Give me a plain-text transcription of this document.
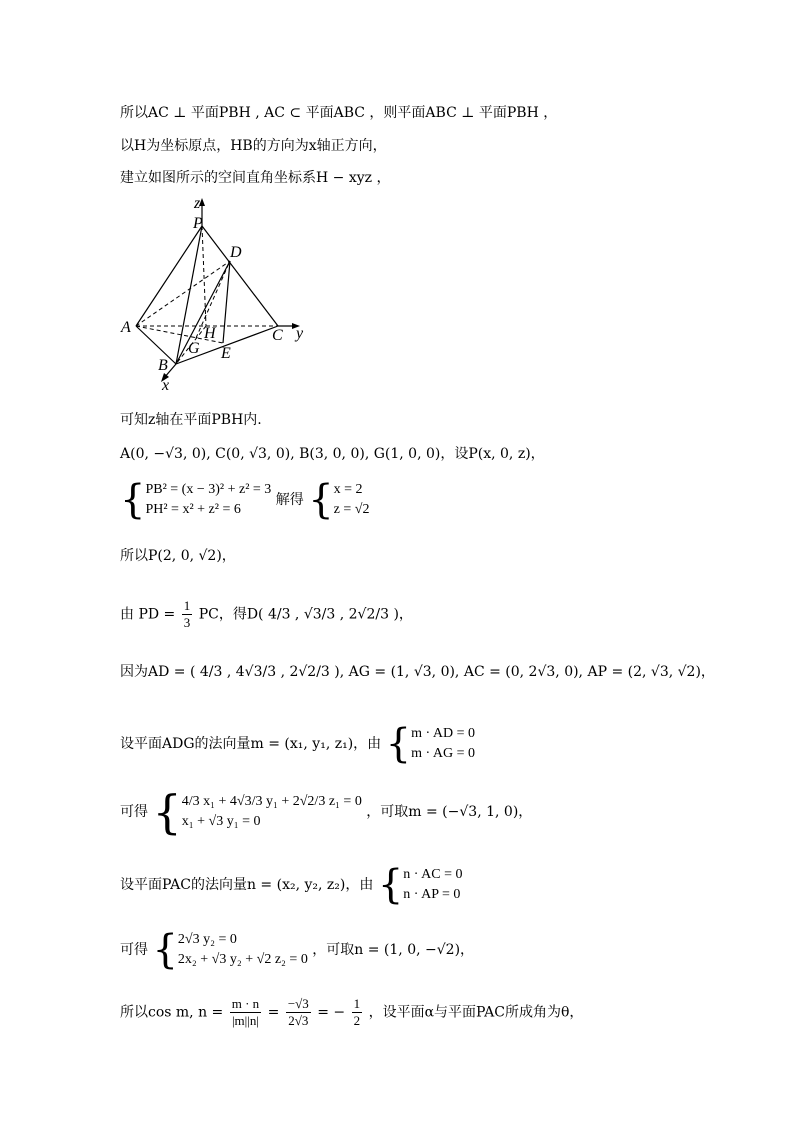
所以AC ⊥ 平面PBH , AC ⊂ 平面ABC ，则平面ABC ⊥ 平面PBH ，
以H为坐标原点，HB的方向为x轴正方向，
建立如图所示的空间直角坐标系H − xyz ，
z
P
D
A	H	C y
G E
B
x
可知z轴在平面PBH内.
A(0, −√3, 0), C(0, √3, 0), B(3, 0, 0), G(1, 0, 0)，设P(x, 0, z)，
{ PB² = (x − 3)² + z² = 3
PH² = x² + z² = 6
解得 { x = 2
z = √2
所以P(2, 0, √2)，
由 PD = $\frac{1}{3}$ PC，得D( 4/3 , √3/3 , 2√2/3 )，
因为AD = ( 4/3 , 4√3/3 , 2√2/3 ), AG = (1, √3, 0), AC = (0, 2√3, 0), AP = (2, √3, √2)，
设平面ADG的法向量m = (x₁, y₁, z₁)，由 { m · AD = 0
m · AG = 0
可得 { 4/3 x₁ + 4√3/3 y₁ + 2√2/3 z₁ = 0
x₁ + √3 y₁ = 0
，可取m = (−√3, 1, 0)，
设平面PAC的法向量n = (x₂, y₂, z₂)，由 { n · AC = 0
n · AP = 0
可得 { 2√3 y₂ = 0
2x₂ + √3 y₂ + √2 z₂ = 0
，可取n = (1, 0, −√2)，
所以cos m, $n = \frac{m \cdot n}{|m||n|} = \frac{-√3}{2√3}$ = − $\frac{1}{2}$ ，设平面α与平面PAC所成角为θ，
